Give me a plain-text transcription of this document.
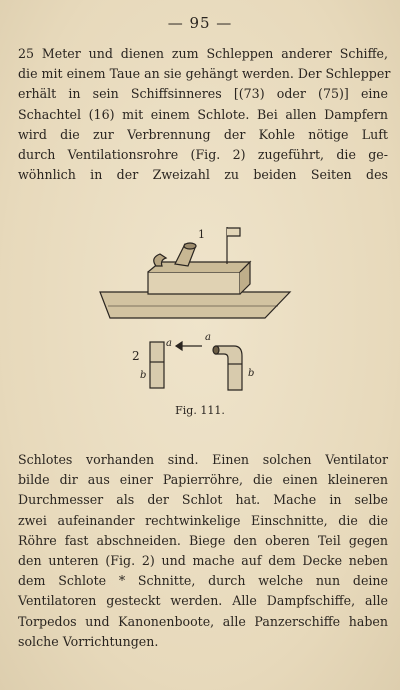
— 95 —
25 Meter und dienen zum Schleppen anderer Schiffe,
die mit einem Taue an sie gehängt werden. Der Schlepper
erhält in sein Schiffsinneres [(73) oder (75)] eine
Schachtel (16) mit einem Schlote. Bei allen Dampfern
wird die zur Verbrennung der Kohle nötige Luft
durch Ventilationsrohre (Fig. 2) zugeführt, die ge-
wöhnlich in der Zweizahl zu beiden Seiten des
1
2
a
b
a
b
Fig. 111.
Schlotes vorhanden sind. Einen solchen Ventilator
bilde dir aus einer Papierröhre, die einen kleineren
Durchmesser als der Schlot hat. Mache in selbe
zwei aufeinander rechtwinkelige Einschnitte, die die
Röhre fast abschneiden. Biege den oberen Teil gegen
den unteren (Fig. 2) und mache auf dem Decke neben
dem Schlote * Schnitte, durch welche nun deine
Ventilatoren gesteckt werden. Alle Dampfschiffe, alle
Torpedos und Kanonenboote, alle Panzerschiffe haben
solche Vorrichtungen.
